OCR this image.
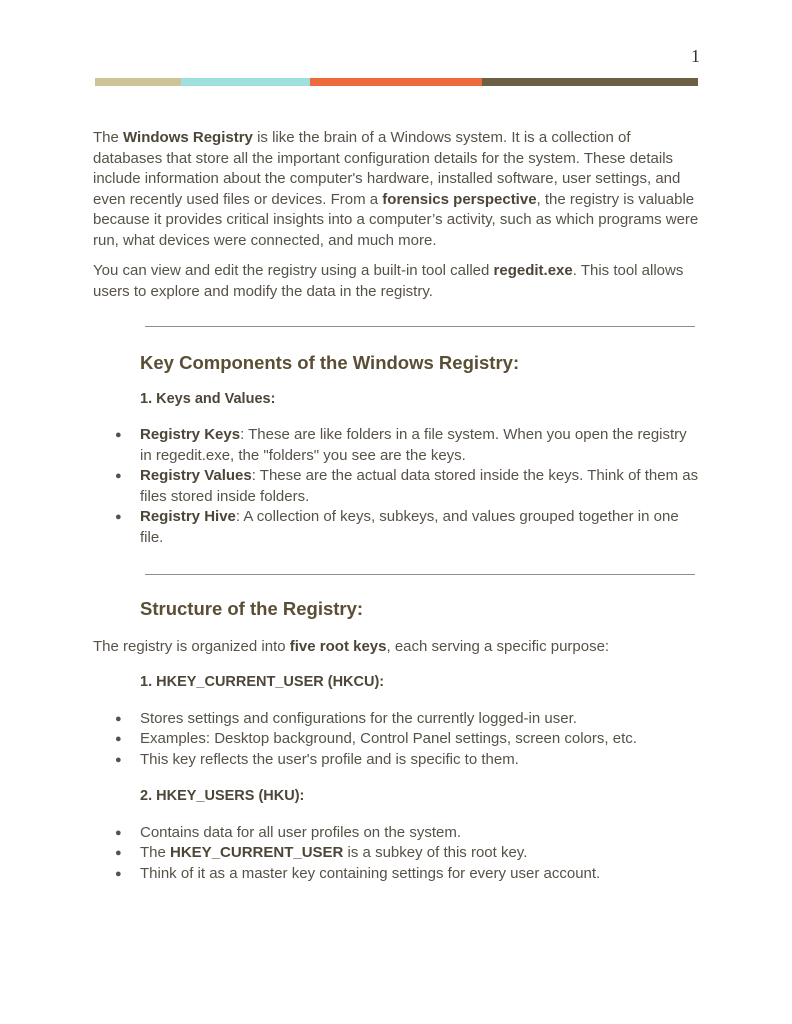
1

The Windows Registry is like the brain of a Windows system. It is a collection of databases that store all the important configuration details for the system. These details include information about the computer's hardware, installed software, user settings, and even recently used files or devices. From a forensics perspective, the registry is valuable because it provides critical insights into a computer’s activity, such as which programs were run, what devices were connected, and much more.

You can view and edit the registry using a built-in tool called regedit.exe. This tool allows users to explore and modify the data in the registry.

Key Components of the Windows Registry:
1. Keys and Values:
● Registry Keys: These are like folders in a file system. When you open the registry in regedit.exe, the "folders" you see are the keys.
● Registry Values: These are the actual data stored inside the keys. Think of them as files stored inside folders.
● Registry Hive: A collection of keys, subkeys, and values grouped together in one file.
Structure of the Registry:

The registry is organized into five root keys, each serving a specific purpose:

1. HKEY_CURRENT_USER (HKCU):
● Stores settings and configurations for the currently logged-in user.
● Examples: Desktop background, Control Panel settings, screen colors, etc.
● This key reflects the user's profile and is specific to them.
2. HKEY_USERS (HKU):
● Contains data for all user profiles on the system.
● The HKEY_CURRENT_USER is a subkey of this root key.
● Think of it as a master key containing settings for every user account.
